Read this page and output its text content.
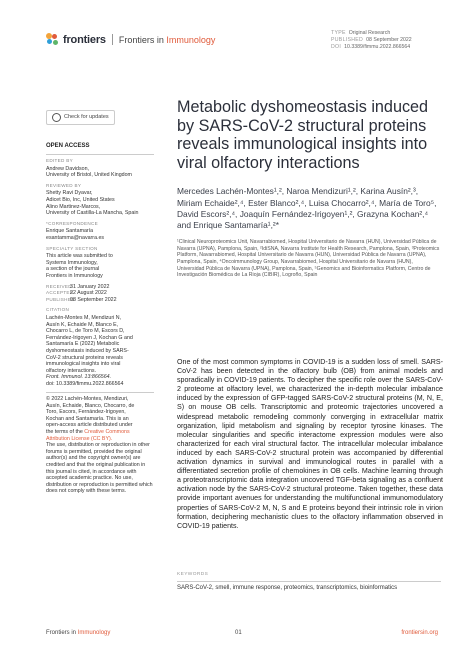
frontiers Frontiers in Immunology
TYPE Original Research
PUBLISHED 08 September 2022
DOI 10.3389/fimmu.2022.866564
Check for updates
OPEN ACCESS
EDITED BY
Andrew Davidson,
University of Bristol, United Kingdom
REVIEWED BY
Shetty Ravi Dyavar,
Adicet Bio, Inc, United States
Alino Martinez-Marcos,
University of Castilla-La Mancha, Spain
*CORRESPONDENCE
Enrique Santamaría
esantamma@navarra.es
SPECIALTY SECTION
This article was submitted to
Systems Immunology,
a section of the journal
Frontiers in Immunology
RECEIVED
31 January 2022
ACCEPTED
22 August 2022
PUBLISHED
08 September 2022
CITATION
Lachén-Montes M, Mendizuri N,
Ausín K, Echaide M, Blanco E,
Chocarro L, de Toro M, Escors D,
Fernández-Irigoyen J, Kochan G and
Santamaría E (2022) Metabolic
dyshomeostasis induced by SARS-
CoV-2 structural proteins reveals
immunological insights into viral
olfactory interactions.
Front. Immunol. 13:866564.
doi: 10.3389/fimmu.2022.866564
© 2022 Lachén-Montes, Mendizuri,
Ausín, Echaide, Blanco, Chocarro, de
Toro, Escors, Fernández-Irigoyen,
Kochan and Santamaría. This is an
open-access article distributed under
the terms of the Creative Commons Attribution License (CC BY).
The use, distribution or reproduction in other forums is permitted, provided the original author(s) and the copyright owner(s) are credited and that the original publication in this journal is cited, in accordance with accepted academic practice. No use, distribution or reproduction is permitted which does not comply with these terms.
Metabolic dyshomeostasis induced by SARS-CoV-2 structural proteins reveals immunological insights into viral olfactory interactions
Mercedes Lachén-Montes¹,², Naroa Mendizuri¹,², Karina Ausín²,³, Miriam Echaide²,⁴, Ester Blanco²,⁴, Luisa Chocarro²,⁴, María de Toro⁵, David Escors²,⁴, Joaquín Fernández-Irigoyen¹,², Grazyna Kochan²,⁴ and Enrique Santamaría¹,²*
¹Clinical Neuroproteomics Unit, Navarrabiomed, Hospital Universitario de Navarra (HUN), Universidad Pública de Navarra (UPNA), Pamplona, Spain, ²IdiSNA, Navarra Institute for Health Research, Pamplona, Spain, ³Proteomics Platform, Navarrabiomed, Hospital Universitario de Navarra (HUN), Universidad Pública de Navarra (UPNA), Pamplona, Spain, ⁴Oncoimmunology Group, Navarrabiomed, Hospital Universitario de Navarra (HUN), Universidad Pública de Navarra (UPNA), Pamplona, Spain, ⁵Genomics and Bioinformatics Platform, Centro de Investigación Biomédica de La Rioja (CIBIR), Logroño, Spain
One of the most common symptoms in COVID-19 is a sudden loss of smell. SARS-CoV-2 has been detected in the olfactory bulb (OB) from animal models and sporadically in COVID-19 patients. To decipher the specific role over the SARS-CoV-2 proteome at olfactory level, we characterized the in-depth molecular imbalance induced by the expression of GFP-tagged SARS-CoV-2 structural proteins (M, N, E, S) on mouse OB cells. Transcriptomic and proteomic trajectories uncovered a widespread metabolic remodeling commonly converging in extracellular matrix organization, lipid metabolism and signaling by receptor tyrosine kinases. The molecular singularities and specific interactome expression modules were also characterized for each viral structural factor. The intracellular molecular imbalance induced by each SARS-CoV-2 structural protein was accompanied by differential activation dynamics in survival and immunological routes in parallel with a differentiated secretion profile of chemokines in OB cells. Machine learning through a proteotranscriptomic data integration uncovered TGF-beta signaling as a confluent activation node by the SARS-CoV-2 structural proteome. Taken together, these data provide important avenues for understanding the multifunctional immunomodulatory properties of SARS-CoV-2 M, N, S and E proteins beyond their intrinsic role in virion formation, deciphering mechanistic clues to the olfactory inflammation observed in COVID-19 patients.
KEYWORDS
SARS-CoV-2, smell, immune response, proteomics, transcriptomics, bioinformatics
Frontiers in Immunology	01	frontiersin.org
